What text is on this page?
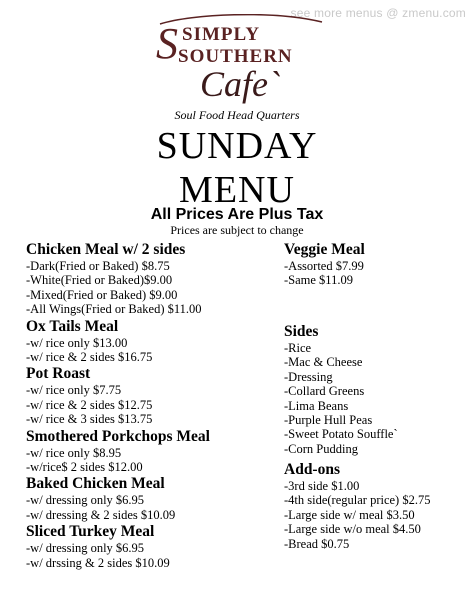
see more menus @ zmenu.com
S SIMPLY
SOUTHERN
Cafe`
Soul Food Head Quarters
SUNDAY
MENU
All Prices Are Plus Tax
Prices are subject to change
Chicken Meal w/ 2 sides
-Dark(Fried or Baked) $8.75
-White(Fried or Baked)$9.00
-Mixed(Fried or Baked) $9.00
-All Wings(Fried or Baked) $11.00
Ox Tails Meal
-w/ rice only $13.00
-w/ rice & 2 sides $16.75
Pot Roast
-w/ rice only $7.75
-w/ rice & 2 sides $12.75
-w/ rice & 3 sides $13.75
Smothered Porkchops Meal
-w/ rice only $8.95
-w/rice$ 2 sides $12.00
Baked Chicken Meal
-w/ dressing only $6.95
-w/ dressing & 2 sides $10.09
Sliced Turkey Meal
-w/ dressing only $6.95
-w/ drssing & 2 sides $10.09
Veggie Meal
-Assorted $7.99
-Same $11.09
Sides
-Rice
-Mac & Cheese
-Dressing
-Collard Greens
-Lima Beans
-Purple Hull Peas
-Sweet Potato Souffle`
-Corn Pudding
Add-ons
-3rd side $1.00
-4th side(regular price) $2.75
-Large side w/ meal $3.50
-Large side w/o meal $4.50
-Bread $0.75
